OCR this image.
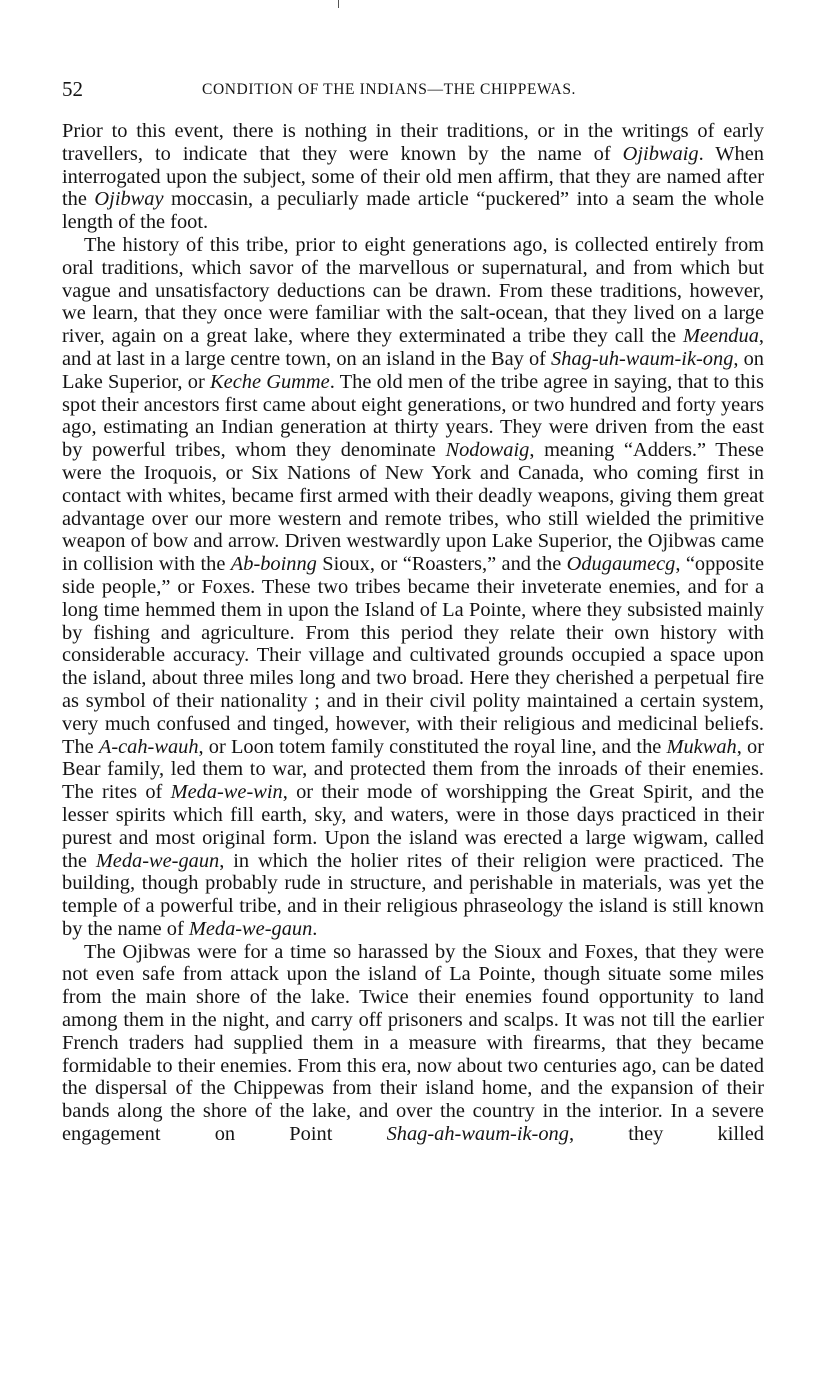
52	CONDITION OF THE INDIANS—THE CHIPPEWAS.

Prior to this event, there is nothing in their traditions, or in the writings of early travellers, to indicate that they were known by the name of Ojibwaig. When interrogated upon the subject, some of their old men affirm, that they are named after the Ojibway moccasin, a peculiarly made article “puckered” into a seam the whole length of the foot.

The history of this tribe, prior to eight generations ago, is collected entirely from oral traditions, which savor of the marvellous or supernatural, and from which but vague and unsatisfactory deductions can be drawn. From these traditions, however, we learn, that they once were familiar with the salt-ocean, that they lived on a large river, again on a great lake, where they exterminated a tribe they call the Meendua, and at last in a large centre town, on an island in the Bay of Shag-uh-waum-ik-ong, on Lake Superior, or Keche Gumme. The old men of the tribe agree in saying, that to this spot their ancestors first came about eight generations, or two hundred and forty years ago, estimating an Indian generation at thirty years. They were driven from the east by powerful tribes, whom they denominate Nodowaig, meaning “Adders.” These were the Iroquois, or Six Nations of New York and Canada, who coming first in contact with whites, became first armed with their deadly weapons, giving them great advantage over our more western and remote tribes, who still wielded the primitive weapon of bow and arrow. Driven westwardly upon Lake Superior, the Ojibwas came in collision with the Ab-boinng Sioux, or “Roasters,” and the Odugaumecg, “opposite side people,” or Foxes. These two tribes became their inveterate enemies, and for a long time hemmed them in upon the Island of La Pointe, where they subsisted mainly by fishing and agriculture. From this period they relate their own history with considerable accuracy. Their village and cultivated grounds occupied a space upon the island, about three miles long and two broad. Here they cherished a perpetual fire as symbol of their nationality ; and in their civil polity maintained a certain system, very much confused and tinged, however, with their religious and medicinal beliefs. The A-cah-wauh, or Loon totem family constituted the royal line, and the Mukwah, or Bear family, led them to war, and protected them from the inroads of their enemies. The rites of Meda-we-win, or their mode of worshipping the Great Spirit, and the lesser spirits which fill earth, sky, and waters, were in those days practiced in their purest and most original form. Upon the island was erected a large wigwam, called the Meda-we-gaun, in which the holier rites of their religion were practiced. The building, though probably rude in structure, and perishable in materials, was yet the temple of a powerful tribe, and in their religious phraseology the island is still known by the name of Meda-we-gaun.

The Ojibwas were for a time so harassed by the Sioux and Foxes, that they were not even safe from attack upon the island of La Pointe, though situate some miles from the main shore of the lake. Twice their enemies found opportunity to land among them in the night, and carry off prisoners and scalps. It was not till the earlier French traders had supplied them in a measure with firearms, that they became formidable to their enemies. From this era, now about two centuries ago, can be dated the dispersal of the Chippewas from their island home, and the expansion of their bands along the shore of the lake, and over the country in the interior. In a severe engagement on Point Shag-ah-waum-ik-ong, they killed
